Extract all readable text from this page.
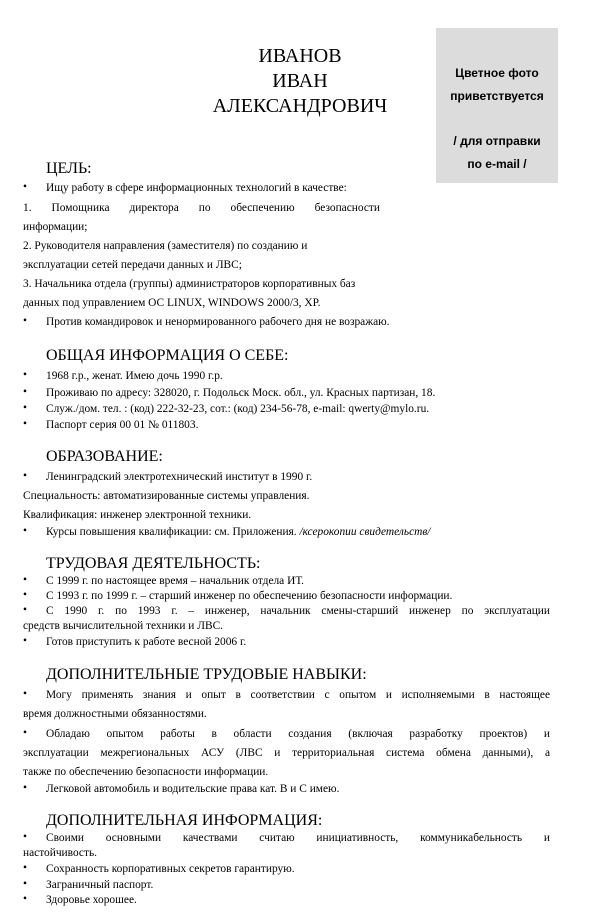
ИВАНОВ
ИВАН
АЛЕКСАНДРОВИЧ
Цветное фото
приветствуется
/ для отправки
по e-mail /
ЦЕЛЬ:
• Ищу работу в сфере информационных технологий в качестве:
1. Помощника директора по обеспечению безопасности
информации;
2. Руководителя направления (заместителя) по созданию и
эксплуатации сетей передачи данных и ЛВС;
3. Начальника отдела (группы) администраторов корпоративных баз
данных под управлением ОС LINUX, WINDOWS 2000/3, XP.
• Против командировок и ненормированного рабочего дня не возражаю.
ОБЩАЯ ИНФОРМАЦИЯ О СЕБЕ:
• 1968 г.р., женат. Имею дочь 1990 г.р.
• Проживаю по адресу: 328020, г. Подольск Моск. обл., ул. Красных партизан, 18.
• Служ./дом. тел. : (код) 222-32-23, сот.: (код) 234-56-78, e-mail: qwerty@mylo.ru.
• Паспорт серия 00 01 № 011803.
ОБРАЗОВАНИЕ:
• Ленинградский электротехнический институт в 1990 г.
Специальность: автоматизированные системы управления.
Квалификация: инженер электронной техники.
• Курсы повышения квалификации: см. Приложения. /ксерокопии свидетельств/
ТРУДОВАЯ ДЕЯТЕЛЬНОСТЬ:
• С 1999 г. по настоящее время – начальник отдела ИТ.
• С 1993 г. по 1999 г. – старший инженер по обеспечению безопасности информации.
• С 1990 г. по 1993 г. – инженер, начальник смены-старший инженер по эксплуатации
средств вычислительной техники и ЛВС.
• Готов приступить к работе весной 2006 г.
ДОПОЛНИТЕЛЬНЫЕ ТРУДОВЫЕ НАВЫКИ:
• Могу применять знания и опыт в соответствии с опытом и исполняемыми в настоящее
время должностными обязанностями.
• Обладаю опытом работы в области создания (включая разработку проектов) и
эксплуатации межрегиональных АСУ (ЛВС и территориальная система обмена данными), а
также по обеспечению безопасности информации.
• Легковой автомобиль и водительские права кат. В и С имею.
ДОПОЛНИТЕЛЬНАЯ ИНФОРМАЦИЯ:
• Своими основными качествами считаю инициативность, коммуникабельность и
настойчивость.
• Сохранность корпоративных секретов гарантирую.
• Заграничный паспорт.
• Здоровье хорошее.
